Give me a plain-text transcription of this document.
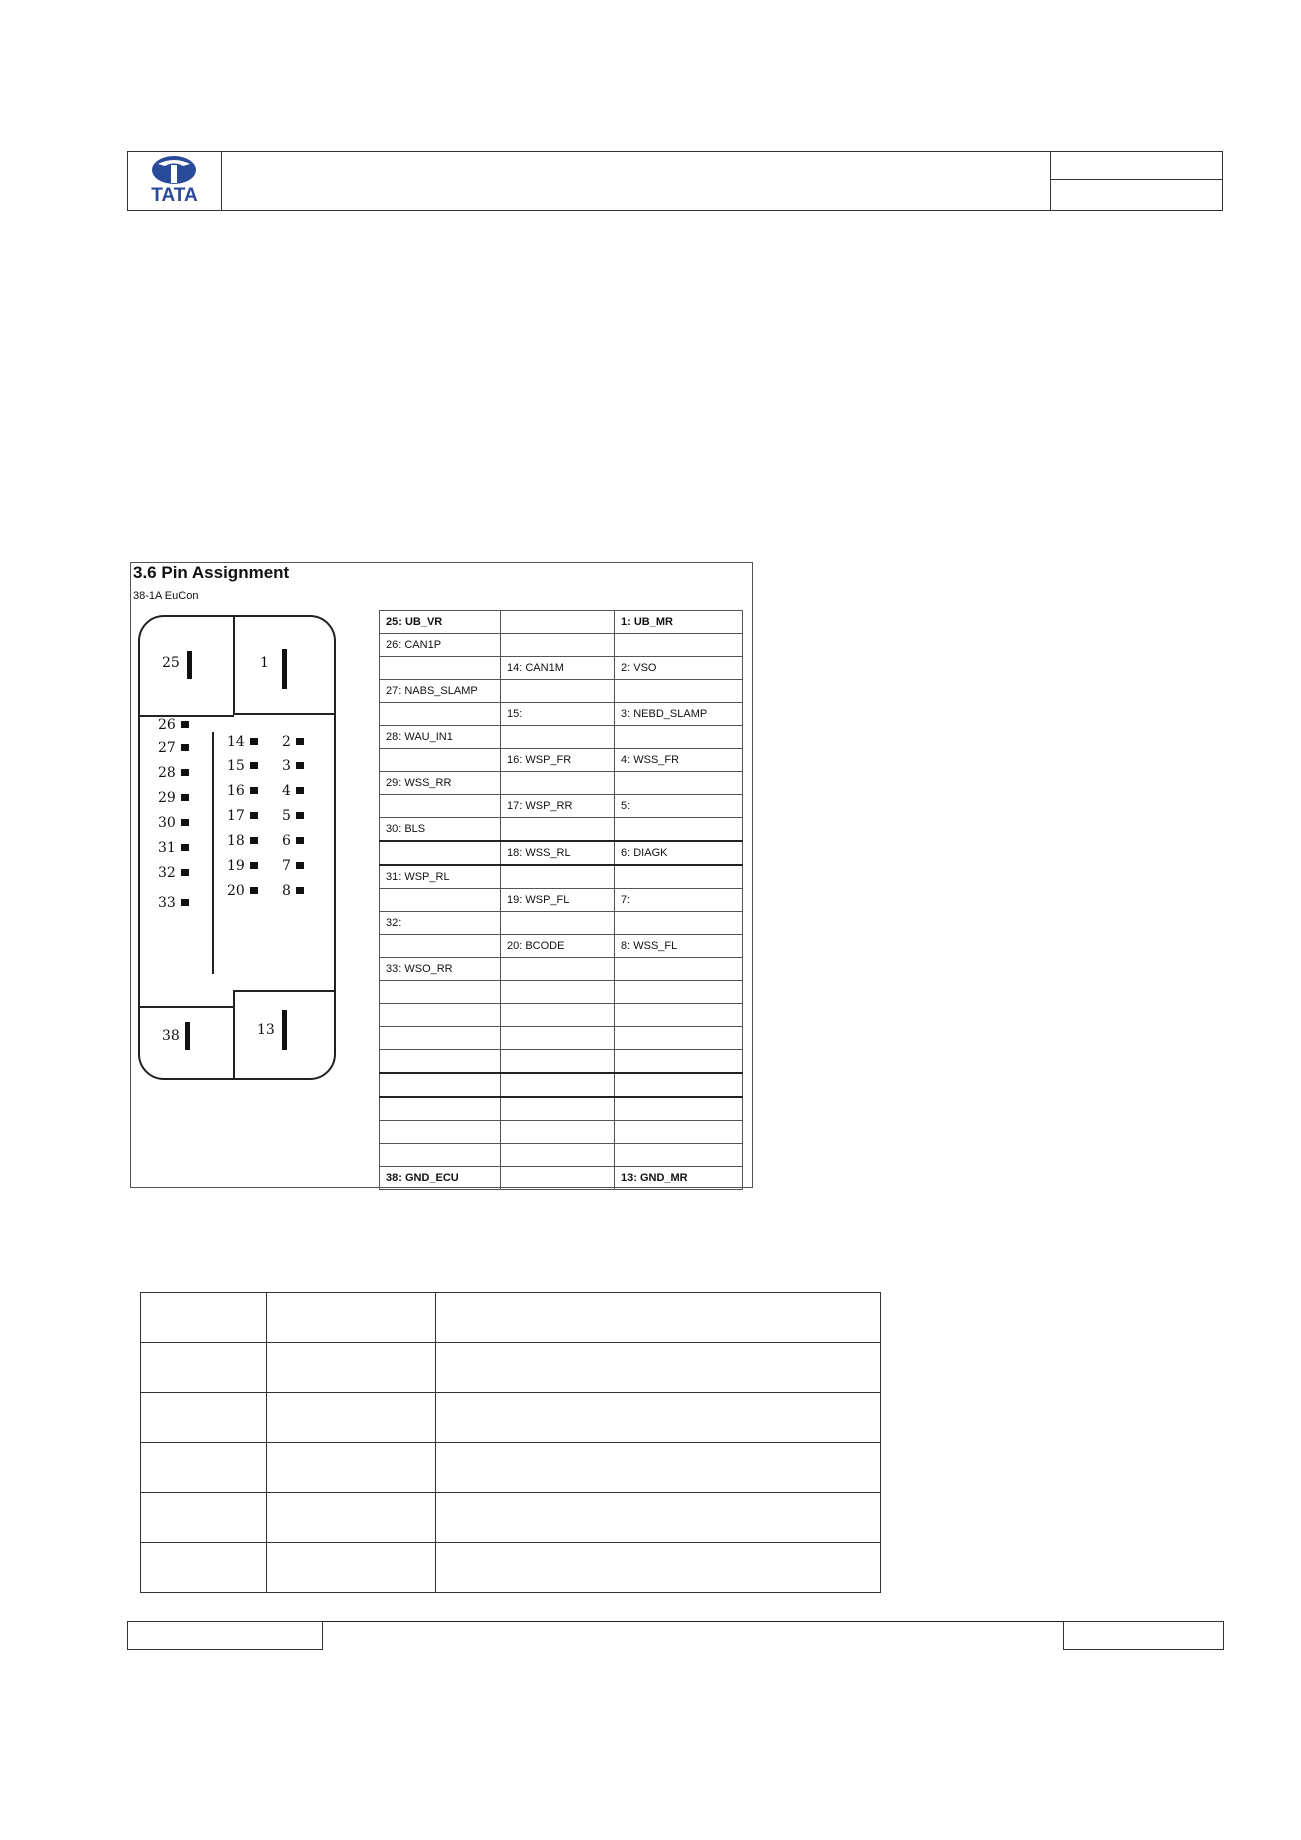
TATA
3.6 Pin Assignment
38-1A EuCon
25	1
38	13
26
27
28
29
30
31
32
33
14
15
16
17
18
19
20
2
3
4
5
6
7
8
25: UB_VR		1: UB_MR
26: CAN1P		
	14: CAN1M	2: VSO
27: NABS_SLAMP		
	15:	3: NEBD_SLAMP
28: WAU_IN1		
	16: WSP_FR	4: WSS_FR
29: WSS_RR		
	17: WSP_RR	5:
30: BLS		
	18: WSS_RL	6: DIAGK
31: WSP_RL		
	19: WSP_FL	7:
32:		
	20: BCODE	8: WSS_FL
33: WSO_RR		

38: GND_ECU		13: GND_MR
